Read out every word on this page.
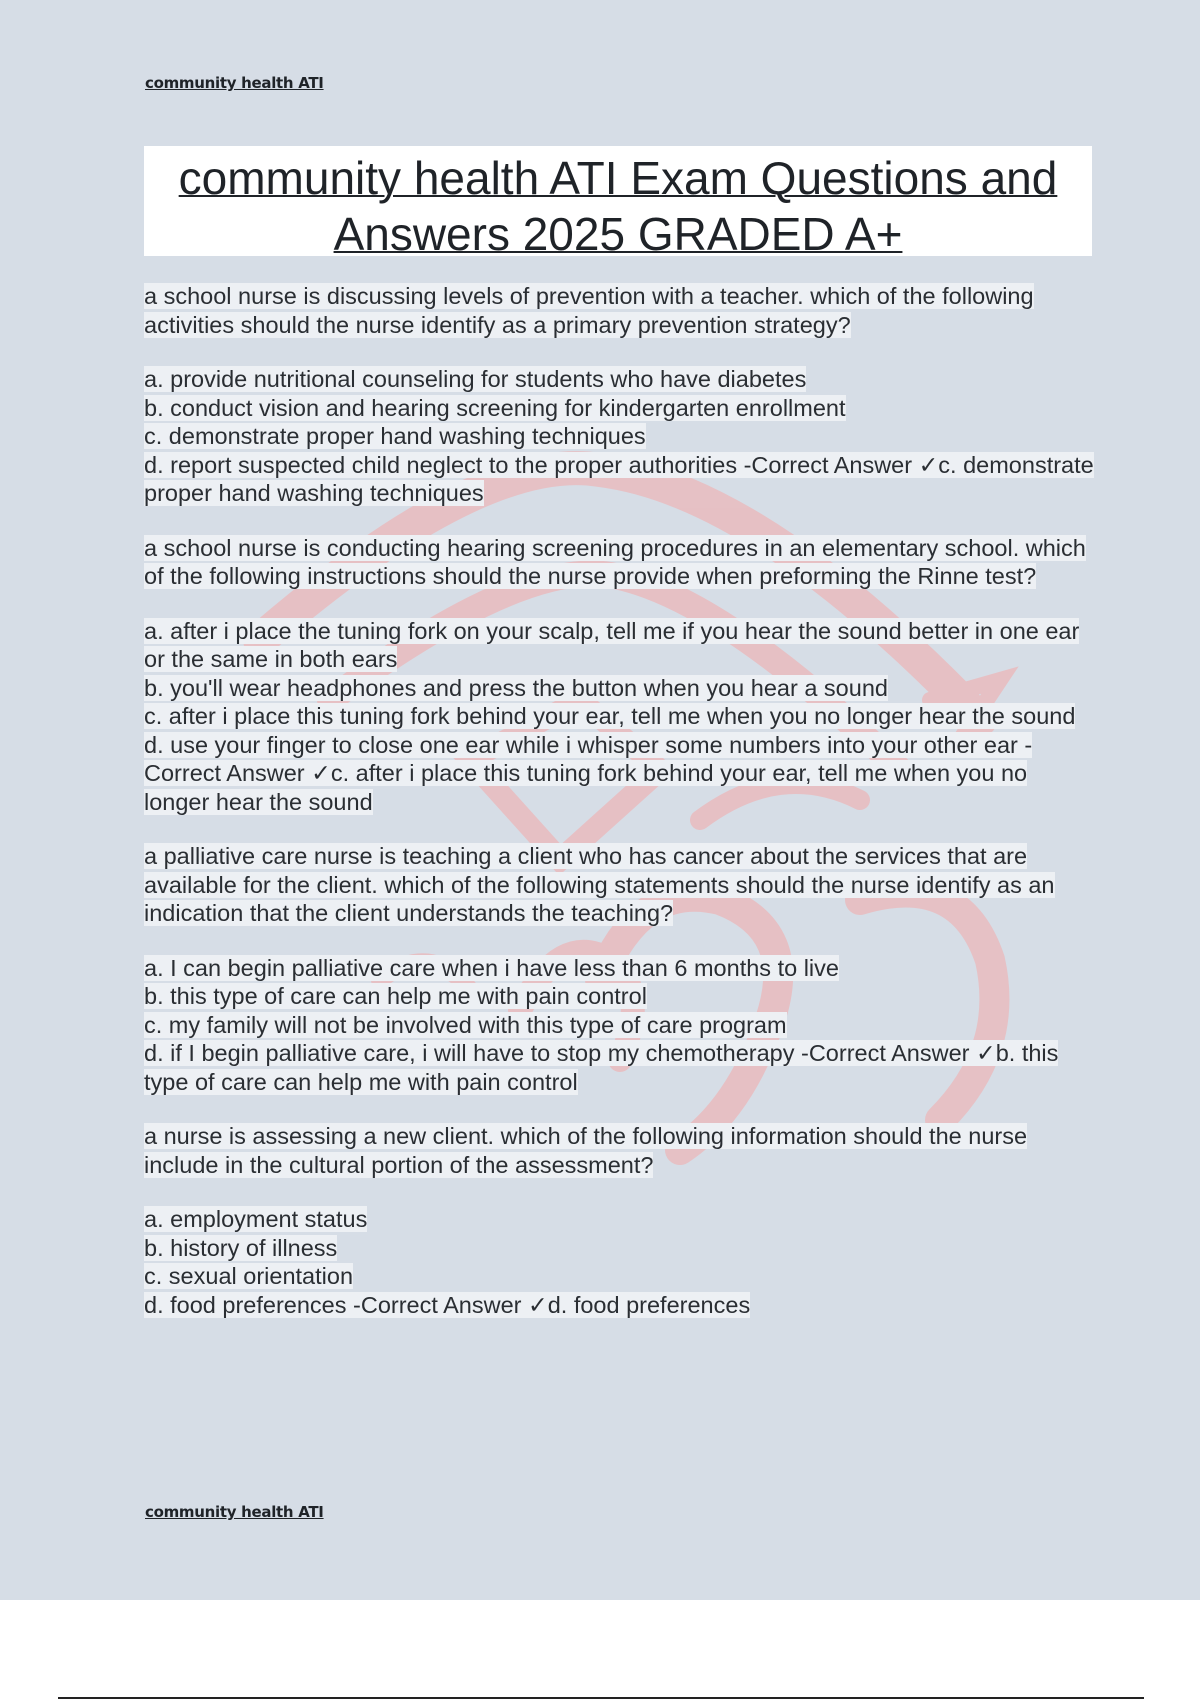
community health ATI
community health ATI Exam Questions and Answers 2025 GRADED A+

a school nurse is discussing levels of prevention with a teacher. which of the following activities should the nurse identify as a primary prevention strategy?

a. provide nutritional counseling for students who have diabetes
b. conduct vision and hearing screening for kindergarten enrollment
c. demonstrate proper hand washing techniques
d. report suspected child neglect to the proper authorities -Correct Answer ✓c. demonstrate proper hand washing techniques

a school nurse is conducting hearing screening procedures in an elementary school. which of the following instructions should the nurse provide when preforming the Rinne test?

a. after i place the tuning fork on your scalp, tell me if you hear the sound better in one ear or the same in both ears
b. you'll wear headphones and press the button when you hear a sound
c. after i place this tuning fork behind your ear, tell me when you no longer hear the sound
d. use your finger to close one ear while i whisper some numbers into your other ear -Correct Answer ✓c. after i place this tuning fork behind your ear, tell me when you no longer hear the sound

a palliative care nurse is teaching a client who has cancer about the services that are available for the client. which of the following statements should the nurse identify as an indication that the client understands the teaching?

a. I can begin palliative care when i have less than 6 months to live
b. this type of care can help me with pain control
c. my family will not be involved with this type of care program
d. if I begin palliative care, i will have to stop my chemotherapy -Correct Answer ✓b. this type of care can help me with pain control

a nurse is assessing a new client. which of the following information should the nurse include in the cultural portion of the assessment?

a. employment status
b. history of illness
c. sexual orientation
d. food preferences -Correct Answer ✓d. food preferences
community health ATI
